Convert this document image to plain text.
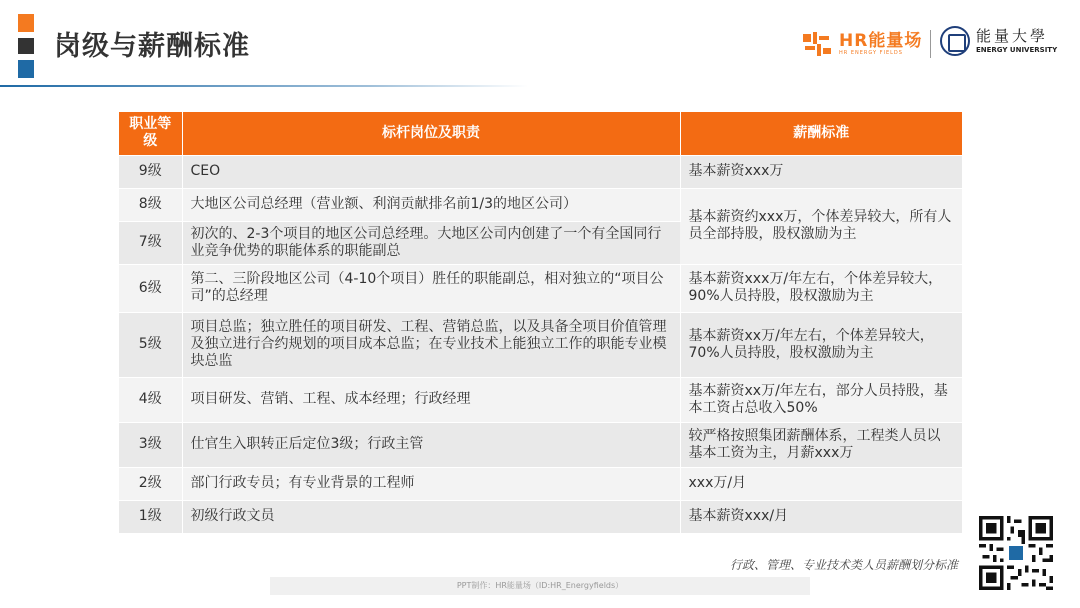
岗级与薪酬标准	HR能量场
HR ENERGY FIELDS
能量大學
ENERGY UNIVERSITY
职业等级	标杆岗位及职责	薪酬标准
9级	CEO	基本薪资xxx万
8级	大地区公司总经理（营业额、利润贡献排名前1/3的地区公司）	基本薪资约xxx万，个体差异较大，所有人员全部持股，股权激励为主
7级	初次的、2-3个项目的地区公司总经理。大地区公司内创建了一个有全国同行业竞争优势的职能体系的职能副总	
6级	第二、三阶段地区公司（4-10个项目）胜任的职能副总，相对独立的“项目公司”的总经理	基本薪资xxx万/年左右，个体差异较大，90%人员持股，股权激励为主
5级	项目总监；独立胜任的项目研发、工程、营销总监，以及具备全项目价值管理及独立进行合约规划的项目成本总监；在专业技术上能独立工作的职能专业模块总监	基本薪资xx万/年左右，个体差异较大，70%人员持股，股权激励为主
4级	项目研发、营销、工程、成本经理；行政经理	基本薪资xx万/年左右，部分人员持股，基本工资占总收入50%
3级	仕官生入职转正后定位3级；行政主管	较严格按照集团薪酬体系，工程类人员以基本工资为主，月薪xxx万
2级	部门行政专员；有专业背景的工程师	xxx万/月
1级	初级行政文员	基本薪资xxx/月
行政、管理、专业技术类人员薪酬划分标准
PPT制作：HR能量场（ID:HR_Energyfields）
